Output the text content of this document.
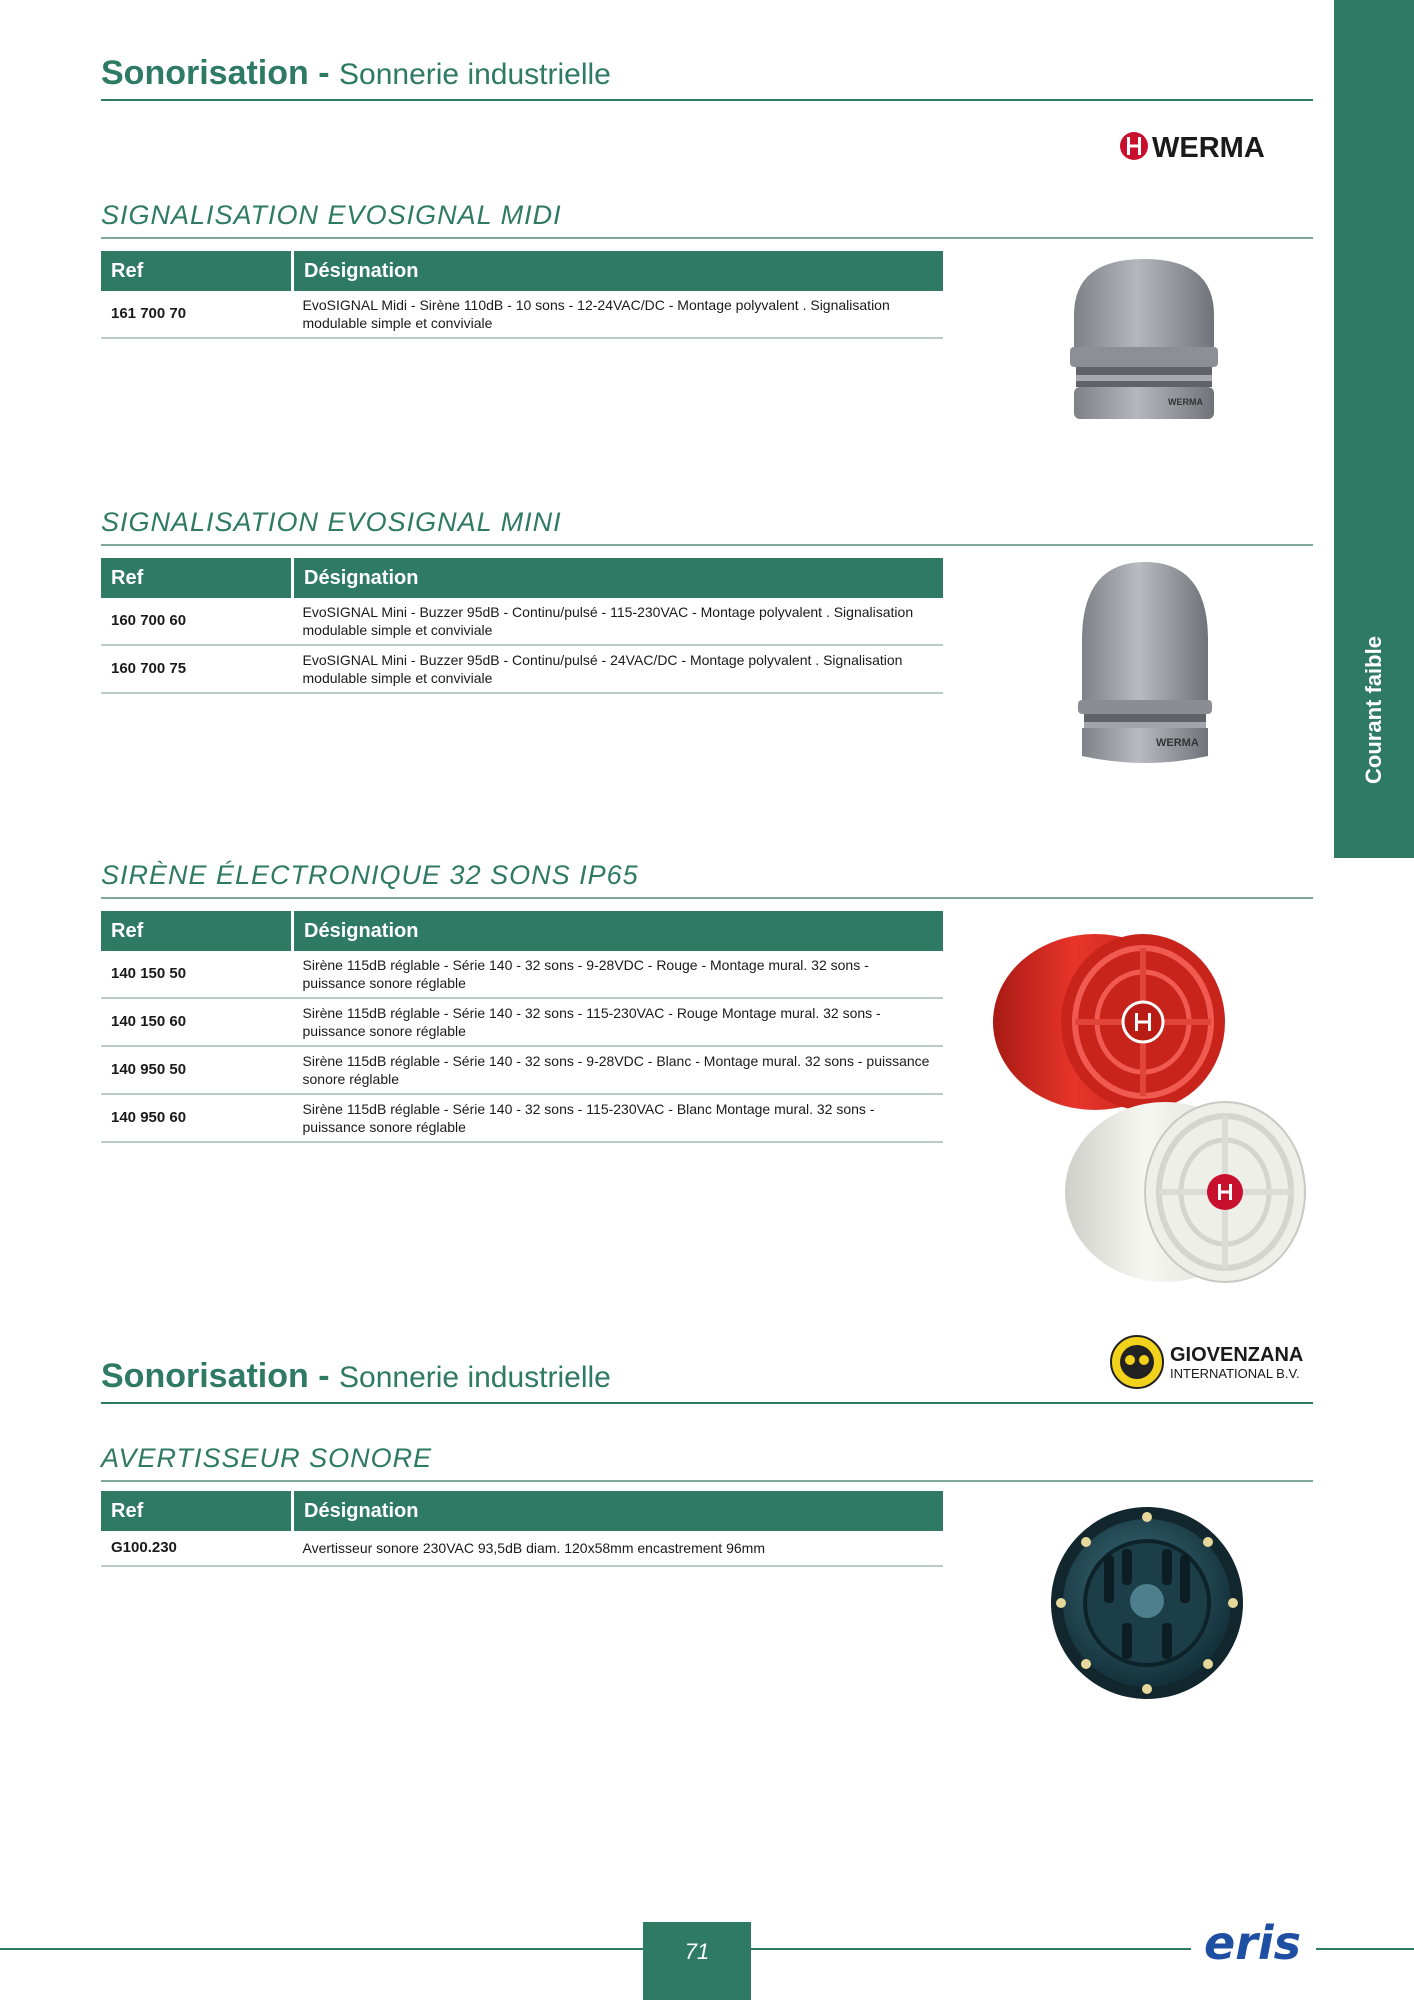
Courant faible
Sonorisation - Sonnerie industrielle
WERMA
SIGNALISATION EVOSIGNAL MIDI
Ref	Désignation
161 700 70	EvoSIGNAL Midi - Sirène 110dB - 10 sons - 12-24VAC/DC - Montage polyvalent . Signalisation modulable simple et conviviale
WERMA
SIGNALISATION EVOSIGNAL MINI
Ref	Désignation
160 700 60	EvoSIGNAL Mini - Buzzer 95dB - Continu/pulsé - 115-230VAC - Montage polyvalent . Signalisation modulable simple et conviviale
160 700 75	EvoSIGNAL Mini - Buzzer 95dB - Continu/pulsé - 24VAC/DC - Montage polyvalent . Signalisation modulable simple et conviviale
WERMA
SIRÈNE ÉLECTRONIQUE 32 SONS IP65
Ref	Désignation
140 150 50	Sirène 115dB réglable - Série 140 - 32 sons - 9-28VDC - Rouge - Montage mural. 32 sons - puissance sonore réglable
140 150 60	Sirène 115dB réglable - Série 140 - 32 sons - 115-230VAC - Rouge Montage mural. 32 sons - puissance sonore réglable
140 950 50	Sirène 115dB réglable - Série 140 - 32 sons - 9-28VDC - Blanc - Montage mural. 32 sons - puissance sonore réglable
140 950 60	Sirène 115dB réglable - Série 140 - 32 sons - 115-230VAC - Blanc Montage mural. 32 sons - puissance sonore réglable
GIOVENZANA
INTERNATIONAL B.V.
Sonorisation - Sonnerie industrielle
AVERTISSEUR SONORE
Ref	Désignation
G100.230	Avertisseur sonore 230VAC 93,5dB diam. 120x58mm encastrement 96mm
71	eris
